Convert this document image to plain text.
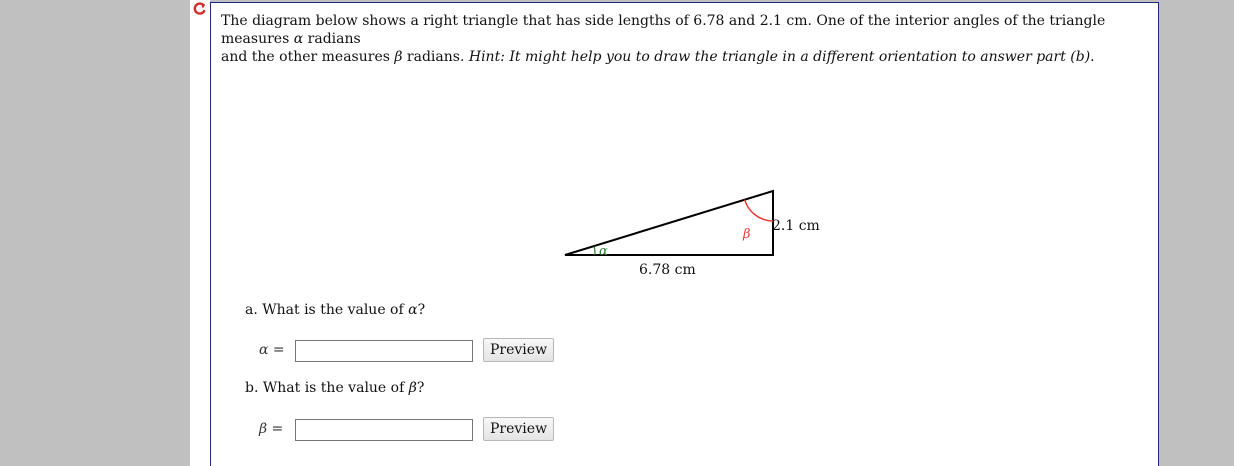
The diagram below shows a right triangle that has side lengths of 6.78 and 2.1 cm. One of the interior angles of the triangle measures α radians
and the other measures β radians. Hint: It might help you to draw the triangle in a different orientation to answer part (b).
α
β
6.78 cm
2.1 cm
a. What is the value of α?
α =	Preview
b. What is the value of β?
β =	Preview
